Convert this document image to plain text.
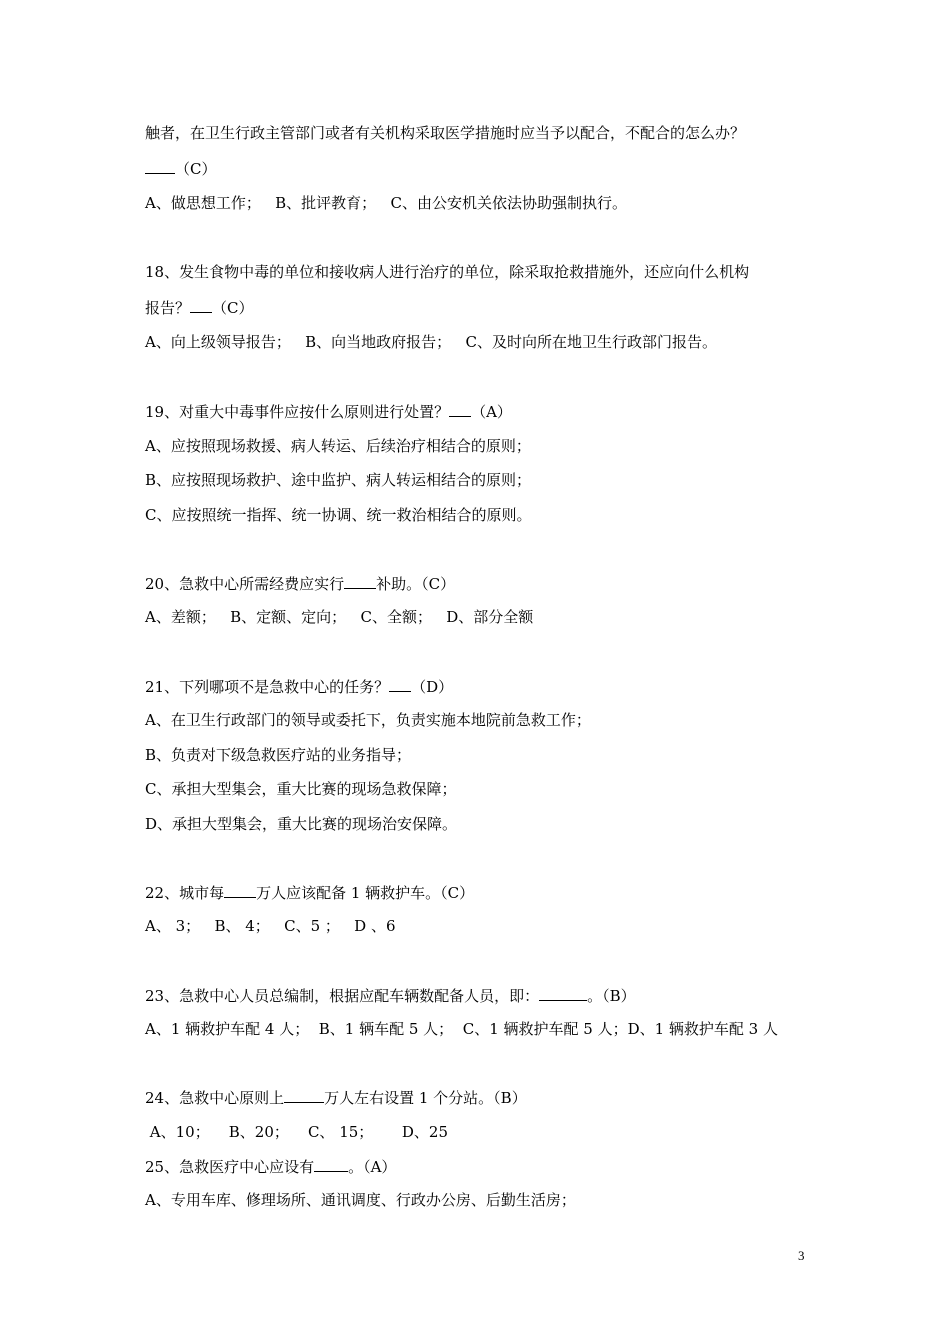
触者，在卫生行政主管部门或者有关机构采取医学措施时应当予以配合，不配合的怎么办？
（C）
A、做思想工作；   B、批评教育；   C、由公安机关依法协助强制执行。
18、发生食物中毒的单位和接收病人进行治疗的单位，除采取抢救措施外，还应向什么机构
报告？ （C）
A、向上级领导报告；   B、向当地政府报告；   C、及时向所在地卫生行政部门报告。
19、对重大中毒事件应按什么原则进行处置？ （A）
A、应按照现场救援、病人转运、后续治疗相结合的原则；
B、应按照现场救护、途中监护、病人转运相结合的原则；
C、应按照统一指挥、统一协调、统一救治相结合的原则。
20、急救中心所需经费应实行 补助。（C）
A、差额；   B、定额、定向；   C、全额；   D、部分全额
21、下列哪项不是急救中心的任务？ （D）
A、在卫生行政部门的领导或委托下，负责实施本地院前急救工作；
B、负责对下级急救医疗站的业务指导；
C、承担大型集会，重大比赛的现场急救保障；
D、承担大型集会，重大比赛的现场治安保障。
22、城市每 万人应该配备 1 辆救护车。（C）
A、 3；   B、 4；   C、5 ；   D 、6
23、急救中心人员总编制，根据应配车辆数配备人员，即：	。（B）
A、1 辆救护车配 4 人；  B、1 辆车配 5 人；  C、1 辆救护车配 5 人；D、1 辆救护车配 3 人
24、急救中心原则上	万人左右设置 1 个分站。（B）
A、10；    B、20；    C、 15；      D、25
25、急救医疗中心应设有 。（A）
A、专用车库、修理场所、通讯调度、行政办公房、后勤生活房；
3
